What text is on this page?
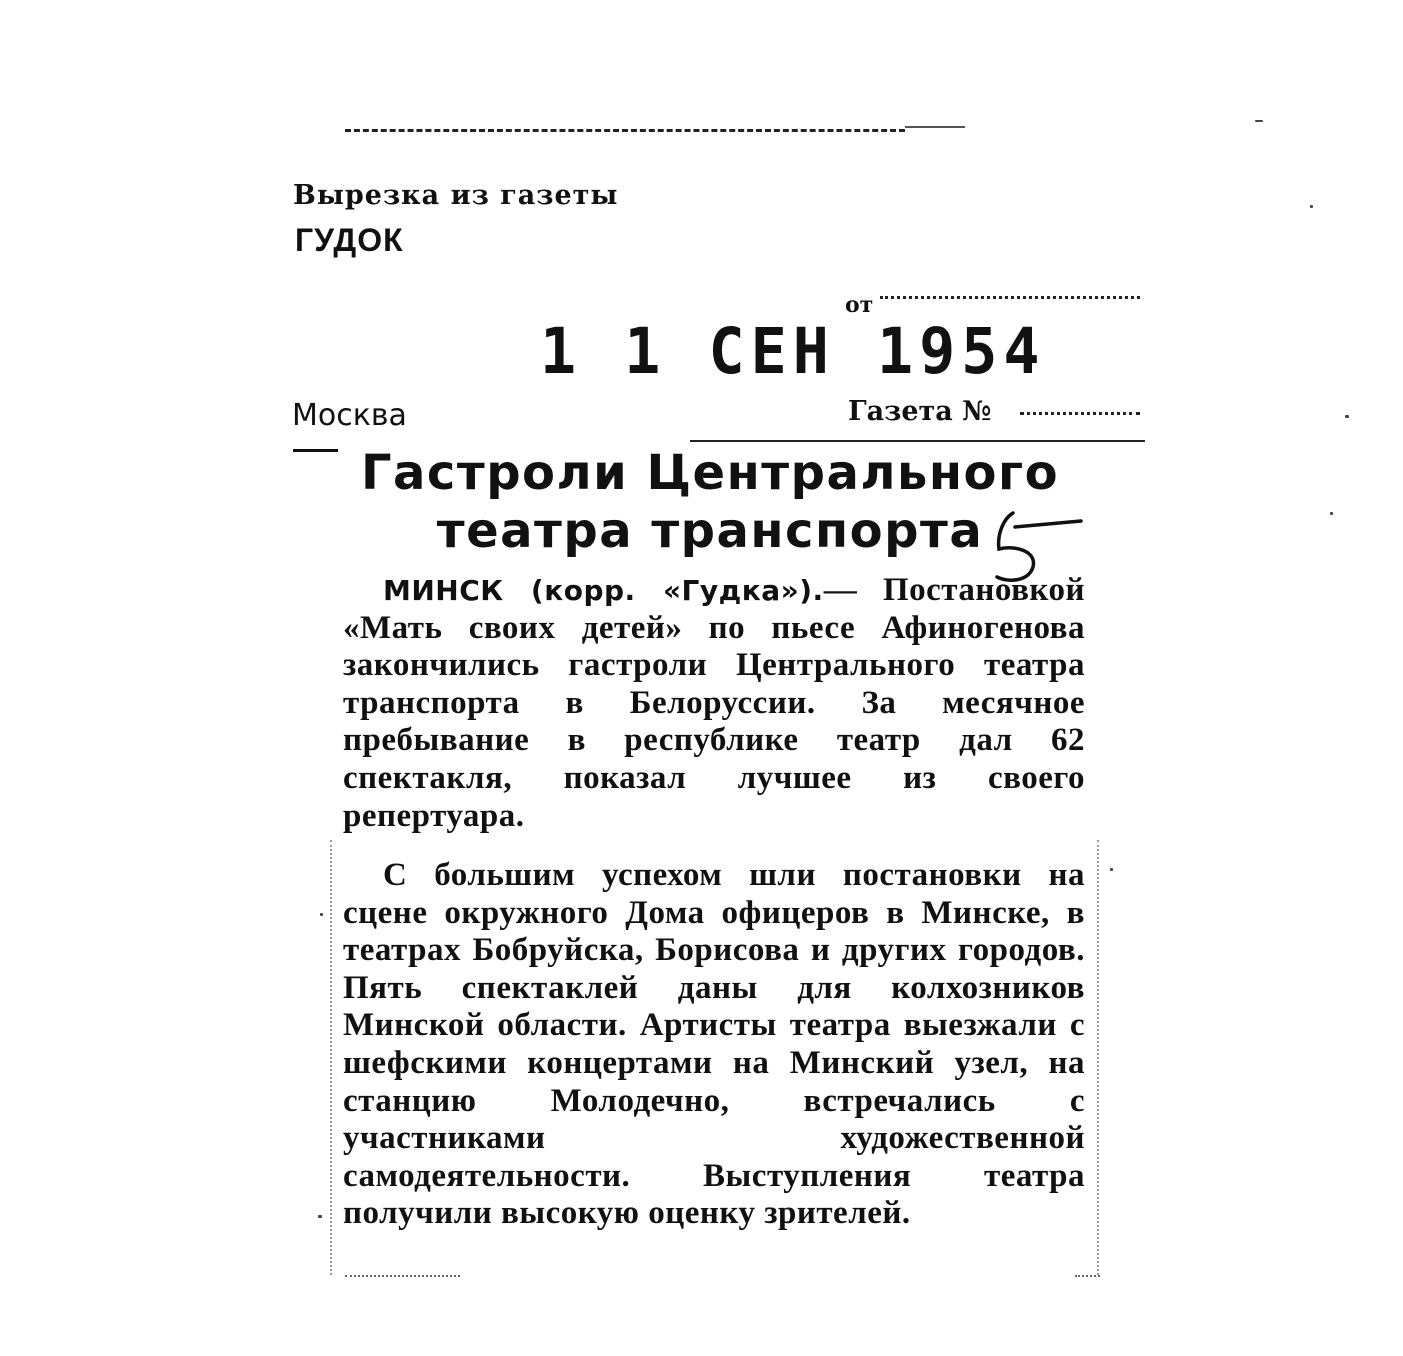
Вырезка из газеты
ГУДОК
от
1 1 СЕН 1954
Москва	Газета №
Гастроли Центрального
театра транспорта
МИНСК (корр. «Гудка»).— Постановкой «Мать своих детей» по пьесе Афиногенова закончились гастроли Центрального театра транспорта в Белоруссии. За месячное пребывание в республике театр дал 62 спектакля, показал лучшее из своего репертуара.
С большим успехом шли постановки на сцене окружного Дома офицеров в Минске, в театрах Бобруйска, Борисова и других городов. Пять спектаклей даны для колхозников Минской области. Артисты театра выезжали с шефскими концертами на Минский узел, на станцию Молодечно, встречались с участниками художественной самодеятельности. Выступления театра получили высокую оценку зрителей.
